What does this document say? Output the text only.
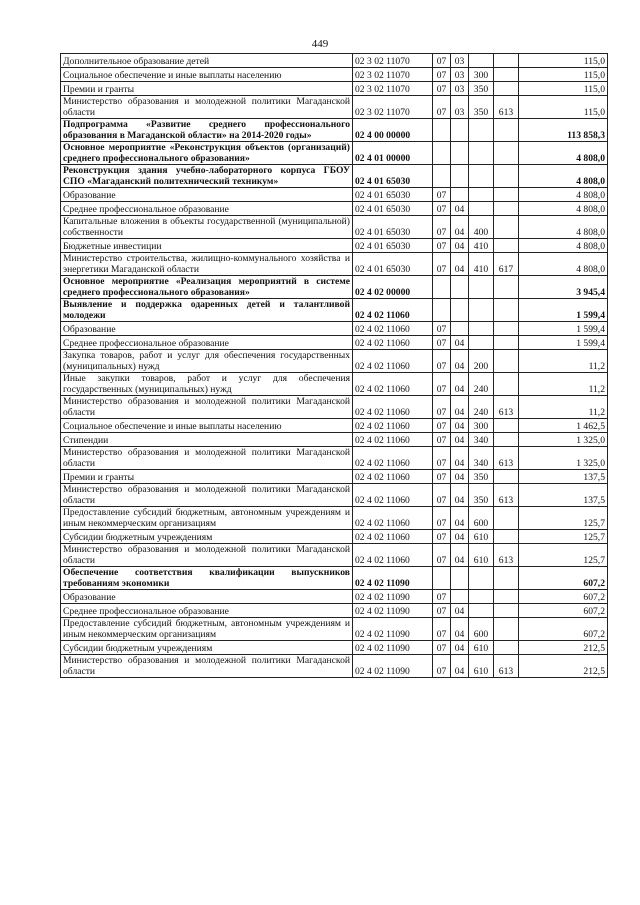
449
Дополнительное образование детей	02 3 02 11070	07	03			115,0
Социальное обеспечение и иные выплаты населению	02 3 02 11070	07	03	300		115,0
Премии и гранты	02 3 02 11070	07	03	350		115,0
Министерство образования и молодежной политики Магаданской области	02 3 02 11070	07	03	350	613	115,0
Подпрограмма «Развитие среднего профессионального образования в Магаданской области» на 2014-2020 годы»	02 4 00 00000					113 858,3
Основное мероприятие «Реконструкция объектов (организаций) среднего профессионального образования»	02 4 01 00000					4 808,0
Реконструкция здания учебно-лабораторного корпуса ГБОУ СПО «Магаданский политехнический техникум»	02 4 01 65030					4 808,0
Образование	02 4 01 65030	07				4 808,0
Среднее профессиональное образование	02 4 01 65030	07	04			4 808,0
Капитальные вложения в объекты государственной (муниципальной) собственности	02 4 01 65030	07	04	400		4 808,0
Бюджетные инвестиции	02 4 01 65030	07	04	410		4 808,0
Министерство строительства, жилищно-коммунального хозяйства и энергетики Магаданской области	02 4 01 65030	07	04	410	617	4 808,0
Основное мероприятие «Реализация мероприятий в системе среднего профессионального образования»	02 4 02 00000					3 945,4
Выявление и поддержка одаренных детей и талантливой молодежи	02 4 02 11060					1 599,4
Образование	02 4 02 11060	07				1 599,4
Среднее профессиональное образование	02 4 02 11060	07	04			1 599,4
Закупка товаров, работ и услуг для обеспечения государственных (муниципальных) нужд	02 4 02 11060	07	04	200		11,2
Иные закупки товаров, работ и услуг для обеспечения государственных (муниципальных) нужд	02 4 02 11060	07	04	240		11,2
Министерство образования и молодежной политики Магаданской области	02 4 02 11060	07	04	240	613	11,2
Социальное обеспечение и иные выплаты населению	02 4 02 11060	07	04	300		1 462,5
Стипендии	02 4 02 11060	07	04	340		1 325,0
Министерство образования и молодежной политики Магаданской области	02 4 02 11060	07	04	340	613	1 325,0
Премии и гранты	02 4 02 11060	07	04	350		137,5
Министерство образования и молодежной политики Магаданской области	02 4 02 11060	07	04	350	613	137,5
Предоставление субсидий бюджетным, автономным учреждениям и иным некоммерческим организациям	02 4 02 11060	07	04	600		125,7
Субсидии бюджетным учреждениям	02 4 02 11060	07	04	610		125,7
Министерство образования и молодежной политики Магаданской области	02 4 02 11060	07	04	610	613	125,7
Обеспечение соответствия квалификации выпускников требованиям экономики	02 4 02 11090					607,2
Образование	02 4 02 11090	07				607,2
Среднее профессиональное образование	02 4 02 11090	07	04			607,2
Предоставление субсидий бюджетным, автономным учреждениям и иным некоммерческим организациям	02 4 02 11090	07	04	600		607,2
Субсидии бюджетным учреждениям	02 4 02 11090	07	04	610		212,5
Министерство образования и молодежной политики Магаданской области	02 4 02 11090	07	04	610	613	212,5
